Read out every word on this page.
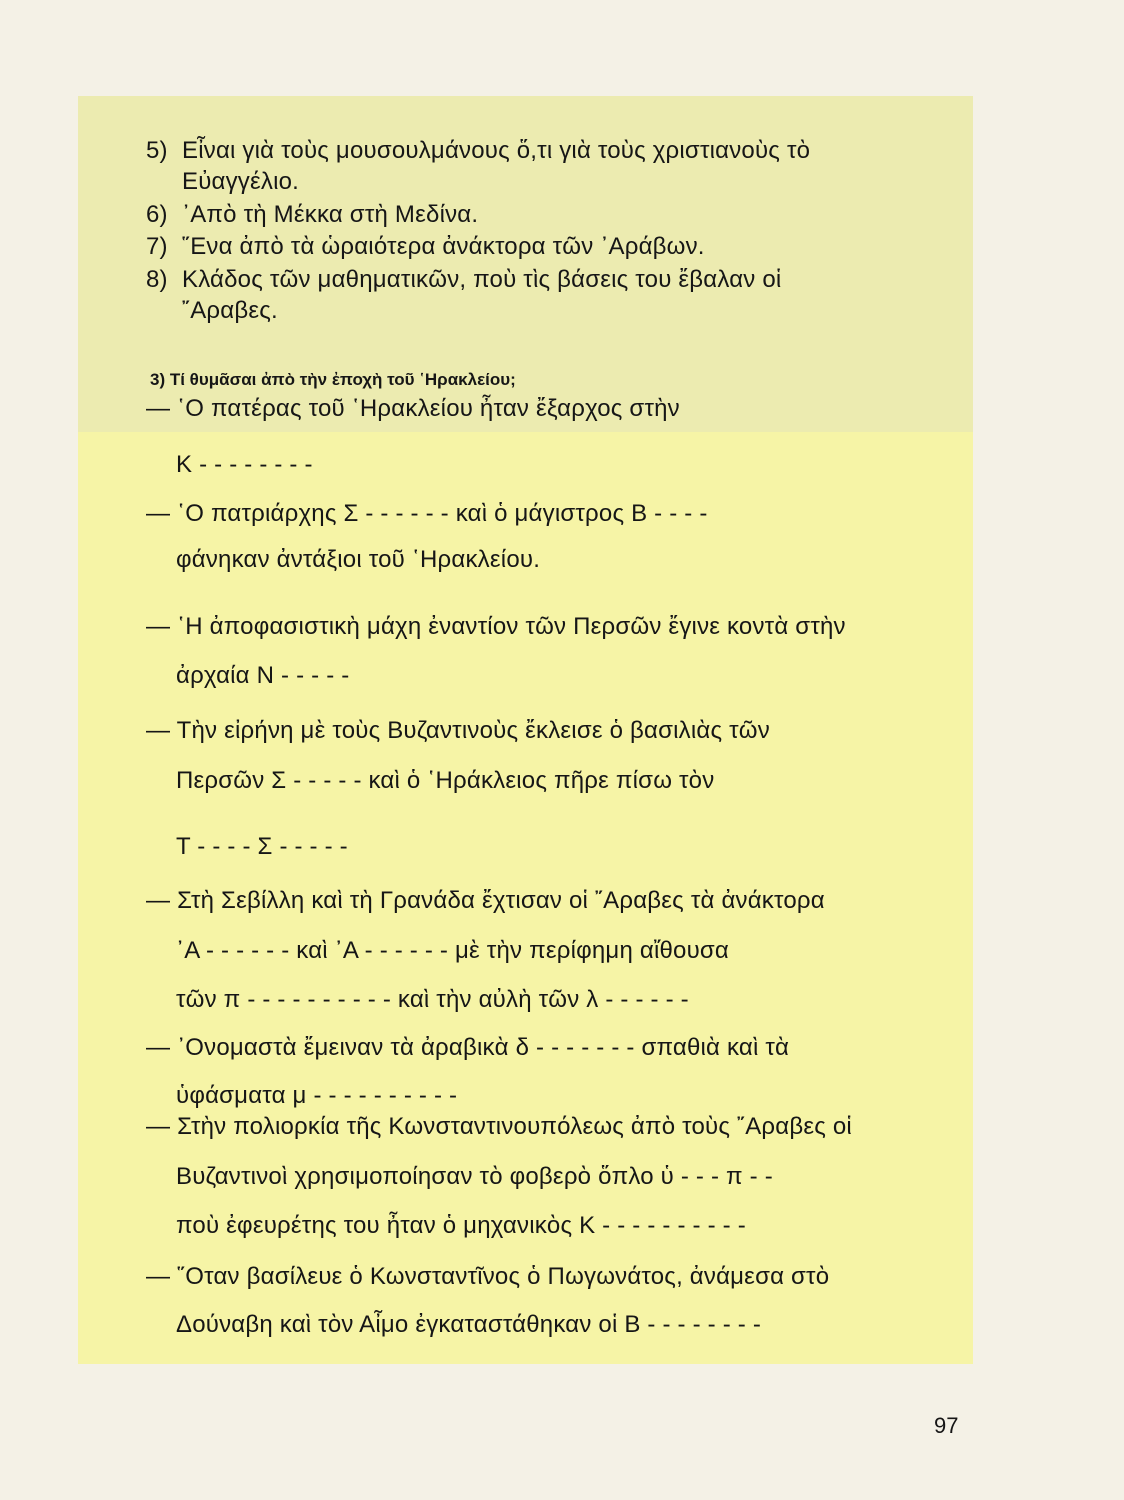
5) Εἶναι γιὰ τοὺς μουσουλμάνους ὅ,τι γιὰ τοὺς χριστιανοὺς τὸ
Εὐαγγέλιο.
6) ᾽Απὸ τὴ Μέκκα στὴ Μεδίνα.
7) ῞Ενα ἀπὸ τὰ ὡραιότερα ἀνάκτορα τῶν ᾽Αράβων.
8) Κλάδος τῶν μαθηματικῶν, ποὺ τὶς βάσεις του ἔβαλαν οἱ
῎Αραβες.
3) Τί θυμᾶσαι ἀπὸ τὴν ἐποχὴ τοῦ ῾Ηρακλείου;
— ῾Ο πατέρας τοῦ ῾Ηρακλείου ἦταν ἔξαρχος στὴν
Κ - - - - - - - -
— ῾Ο πατριάρχης Σ - - - - - - καὶ ὁ μάγιστρος Β - - - -
φάνηκαν ἀντάξιοι τοῦ ῾Ηρακλείου.
— ῾Η ἀποφασιστικὴ μάχη ἐναντίον τῶν Περσῶν ἔγινε κοντὰ στὴν
ἀρχαία Ν - - - - -
— Τὴν εἰρήνη μὲ τοὺς Βυζαντινοὺς ἔκλεισε ὁ βασιλιὰς τῶν
Περσῶν Σ - - - - - καὶ ὁ ῾Ηράκλειος πῆρε πίσω τὸν
Τ - - - - Σ - - - - -
— Στὴ Σεβίλλη καὶ τὴ Γρανάδα ἔχτισαν οἱ ῎Αραβες τὰ ἀνάκτορα
᾽Α - - - - - - καὶ ᾽Α - - - - - - μὲ τὴν περίφημη αἴθουσα
τῶν π - - - - - - - - - - καὶ τὴν αὐλὴ τῶν λ - - - - - -
— ᾽Ονομαστὰ ἔμειναν τὰ ἀραβικὰ δ - - - - - - - σπαθιὰ καὶ τὰ
ὑφάσματα μ - - - - - - - - - -
— Στὴν πολιορκία τῆς Κωνσταντινουπόλεως ἀπὸ τοὺς ῎Αραβες οἱ
Βυζαντινοὶ χρησιμοποίησαν τὸ φοβερὸ ὅπλο ὑ - - - π - -
ποὺ ἐφευρέτης του ἦταν ὁ μηχανικὸς Κ - - - - - - - - - -
— ῞Οταν βασίλευε ὁ Κωνσταντῖνος ὁ Πωγωνάτος, ἀνάμεσα στὸ
Δούναβη καὶ τὸν Αἶμο ἐγκαταστάθηκαν οἱ Β - - - - - - - -
97
